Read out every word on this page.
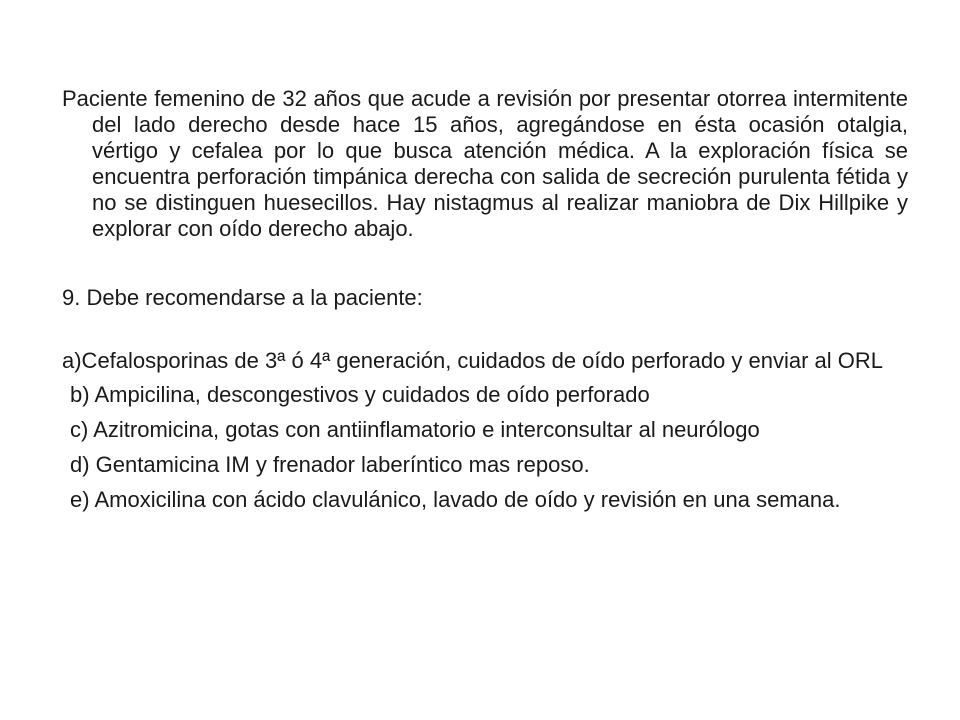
Paciente femenino de 32 años que acude a revisión por presentar otorrea intermitente del lado derecho desde hace 15 años, agregándose en ésta ocasión otalgia, vértigo y cefalea por lo que busca atención médica. A la exploración física se encuentra perforación timpánica derecha con salida de secreción purulenta fétida y no se distinguen huesecillos. Hay nistagmus al realizar maniobra de Dix Hillpike y explorar con oído derecho abajo.

9. Debe recomendarse a la paciente:

a)Cefalosporinas de 3ª ó 4ª generación, cuidados de oído perforado y enviar al ORL
b) Ampicilina, descongestivos y cuidados de oído perforado
c) Azitromicina, gotas con antiinflamatorio e interconsultar al neurólogo
d) Gentamicina IM y frenador laberíntico mas reposo.
e) Amoxicilina con ácido clavulánico, lavado de oído y revisión en una semana.
